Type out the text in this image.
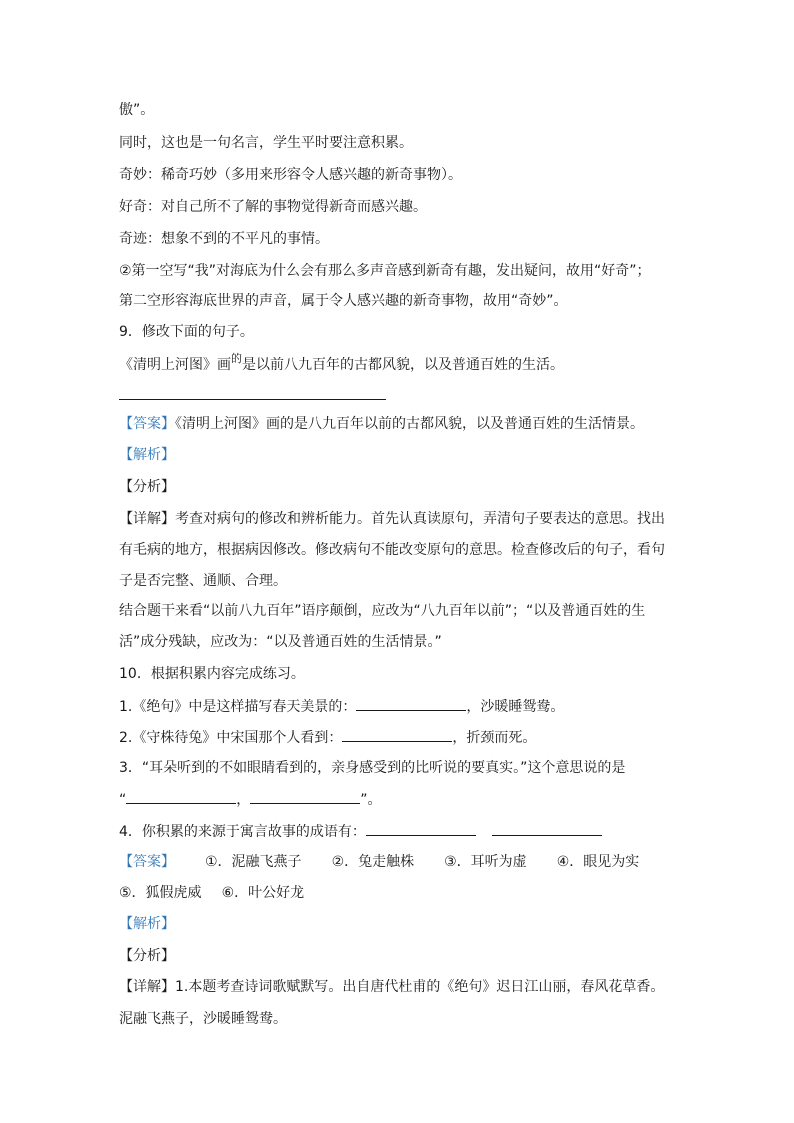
傲”。

同时，这也是一句名言，学生平时要注意积累。

奇妙：稀奇巧妙（多用来形容令人感兴趣的新奇事物）。

好奇：对自己所不了解的事物觉得新奇而感兴趣。

奇迹：想象不到的不平凡的事情。

②第一空写“我”对海底为什么会有那么多声音感到新奇有趣，发出疑问，故用“好奇”；

第二空形容海底世界的声音，属于令人感兴趣的新奇事物，故用“奇妙”。

9．修改下面的句子。

《清明上河图》画$^的$是以前八九百年的古都风貌，以及普通百姓的生活。

【答案】《清明上河图》画的是八九百年以前的古都风貌，以及普通百姓的生活情景。

【解析】

【分析】

【详解】考查对病句的修改和辨析能力。首先认真读原句，弄清句子要表达的意思。找出

有毛病的地方，根据病因修改。修改病句不能改变原句的意思。检查修改后的句子，看句

子是否完整、通顺、合理。

结合题干来看“以前八九百年”语序颠倒，应改为“八九百年以前”；“以及普通百姓的生

活”成分残缺，应改为：“以及普通百姓的生活情景。”

10．根据积累内容完成练习。

1.《绝句》中是这样描写春天美景的：	，沙暖睡鸳鸯。

2.《守株待兔》中宋国那个人看到：	，折颈而死。

3．“耳朵听到的不如眼睛看到的，亲身感受到的比听说的要真实。”这个意思说的是

“	，	”。

4．你积累的来源于寓言故事的成语有：

【答案】 ①．泥融飞燕子 ②．兔走触株 ③．耳听为虚 ④．眼见为实

⑤．狐假虎威 ⑥．叶公好龙

【解析】

【分析】

【详解】1.本题考查诗词歌赋默写。出自唐代杜甫的《绝句》迟日江山丽，春风花草香。

泥融飞燕子，沙暖睡鸳鸯。
